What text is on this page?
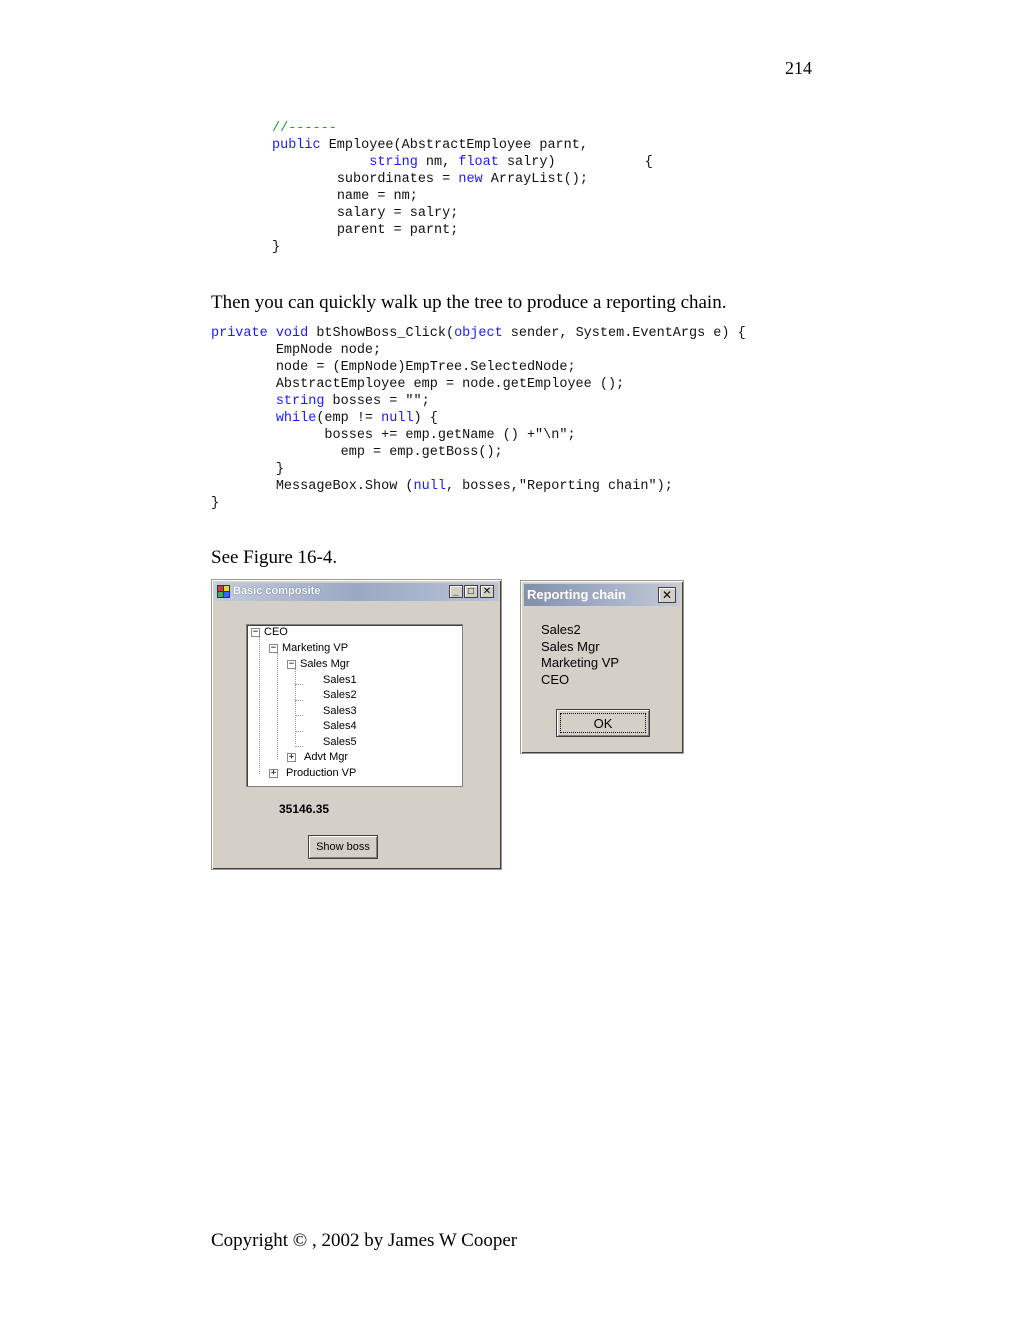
214
//------
public Employee(AbstractEmployee parnt,
string nm, float salry)	{
subordinates = new ArrayList();
name = nm;
salary = salry;
parent = parnt;
}

Then you can quickly walk up the tree to produce a reporting chain.

private void btShowBoss_Click(object sender, System.EventArgs e) {
EmpNode node;
node = (EmpNode)EmpTree.SelectedNode;
AbstractEmployee emp = node.getEmployee ();
string bosses = "";
while(emp != null) {
bosses += emp.getName () +"\n";
emp = emp.getBoss();
}
MessageBox.Show (null, bosses,"Reporting chain");
}

See Figure 16-4.

Basic composite	_ □ ✕
− CEO
− Marketing VP
− Sales Mgr
Sales1
Sales2
Sales3
Sales4
Sales5
+ Advt Mgr
+ Production VP
35146.35
Show boss
Reporting chain	✕
Sales2
Sales Mgr
Marketing VP
CEO
OK
Copyright © , 2002 by James W Cooper
